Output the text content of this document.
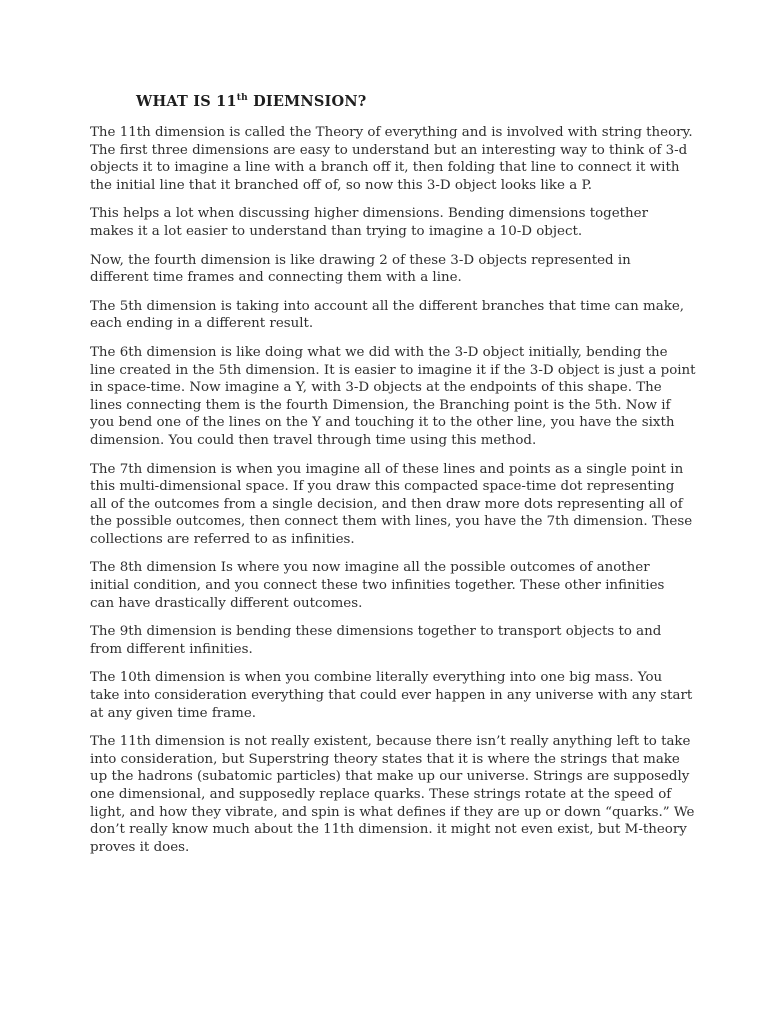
WHAT IS 11th DIEMNSION?

The 11th dimension is called the Theory of everything and is involved with string theory.
The first three dimensions are easy to understand but an interesting way to think of 3-d
objects it to imagine a line with a branch off it, then folding that line to connect it with
the initial line that it branched off of, so now this 3-D object looks like a P.

This helps a lot when discussing higher dimensions. Bending dimensions together
makes it a lot easier to understand than trying to imagine a 10-D object.

Now, the fourth dimension is like drawing 2 of these 3-D objects represented in
different time frames and connecting them with a line.

The 5th dimension is taking into account all the different branches that time can make,
each ending in a different result.

The 6th dimension is like doing what we did with the 3-D object initially, bending the
line created in the 5th dimension. It is easier to imagine it if the 3-D object is just a point
in space-time. Now imagine a Y, with 3-D objects at the endpoints of this shape. The
lines connecting them is the fourth Dimension, the Branching point is the 5th. Now if
you bend one of the lines on the Y and touching it to the other line, you have the sixth
dimension. You could then travel through time using this method.

The 7th dimension is when you imagine all of these lines and points as a single point in
this multi-dimensional space. If you draw this compacted space-time dot representing
all of the outcomes from a single decision, and then draw more dots representing all of
the possible outcomes, then connect them with lines, you have the 7th dimension. These
collections are referred to as infinities.

The 8th dimension Is where you now imagine all the possible outcomes of another
initial condition, and you connect these two infinities together. These other infinities
can have drastically different outcomes.

The 9th dimension is bending these dimensions together to transport objects to and
from different infinities.

The 10th dimension is when you combine literally everything into one big mass. You
take into consideration everything that could ever happen in any universe with any start
at any given time frame.

The 11th dimension is not really existent, because there isn’t really anything left to take
into consideration, but Superstring theory states that it is where the strings that make
up the hadrons (subatomic particles) that make up our universe. Strings are supposedly
one dimensional, and supposedly replace quarks. These strings rotate at the speed of
light, and how they vibrate, and spin is what defines if they are up or down “quarks.” We
don’t really know much about the 11th dimension. it might not even exist, but M-theory
proves it does.
